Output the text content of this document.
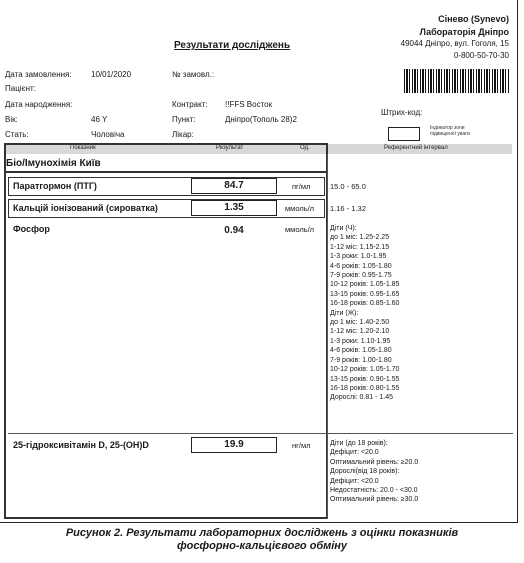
Сінево (Synevo)
Лабораторія Дніпро
49044 Дніпро, вул. Гоголя, 15
0-800-50-70-30
Результати досліджень
Дата замовлення: 10/01/2020	№ замовл.:
Пацієнт:
Дата народження:	Контракт: !!FFS Восток
Вік:	46 Y	Пункт:	Дніпро(Тополь 28)2
Стать:	Чоловіча	Лікар:
Штрих-код:
Індикатор зони підвищеної уваги
Показник	Результат	Од.	Референтний інтервал
Біо/Імунохімія Київ
Паратгормон (ПТГ)	84.7	пг/мл	15.0 - 65.0
Кальцій іонізований (сироватка)	1.35	ммоль/л 1.16 - 1.32
Фосфор	0.94	ммоль/л Діти (Ч):
до 1 міс: 1.25-2.25
1-12 міс: 1.15-2.15
1-3 роки: 1.0-1.95
4-6 років: 1.05-1.80
7-9 років: 0.95-1.75
10-12 років: 1.05-1.85
13-15 років: 0.95-1.65
16-18 років: 0.85-1.60
Діти (Ж):
до 1 міс: 1.40-2.50
1-12 міс: 1.20-2.10
1-3 роки: 1.10-1.95
4-6 років: 1.05-1.80
7-9 років: 1.00-1.80
10-12 років: 1.05-1.70
13-15 років: 0.90-1.55
16-18 років: 0.80-1.55
Дорослі: 0.81 - 1.45
25-гідроксивітамін D, 25-(OH)D	19.9	нг/мл	Діти (до 18 років):
Дефіцит: <20.0
Оптимальний рівень: ≥20.0
Дорослі(від 18 років):
Дефіцит: <20.0
Недостатність: 20.0 - <30.0
Оптимальний рівень: ≥30.0
Рисунок 2. Результати лабораторних досліджень з оцінки показників
фосфорно-кальцієвого обміну
